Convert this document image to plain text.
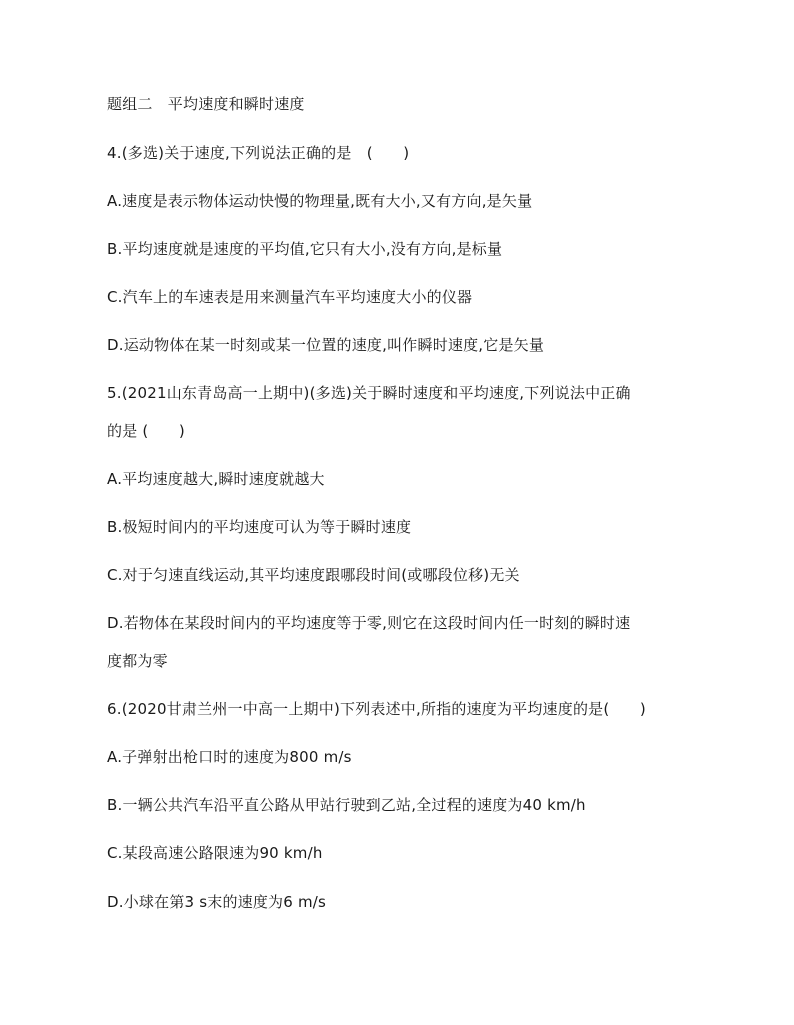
题组二　平均速度和瞬时速度
4.(多选)关于速度,下列说法正确的是　(　　)
A.速度是表示物体运动快慢的物理量,既有大小,又有方向,是矢量
B.平均速度就是速度的平均值,它只有大小,没有方向,是标量
C.汽车上的车速表是用来测量汽车平均速度大小的仪器
D.运动物体在某一时刻或某一位置的速度,叫作瞬时速度,它是矢量
5.(2021山东青岛高一上期中)(多选)关于瞬时速度和平均速度,下列说法中正确
的是 (　　)
A.平均速度越大,瞬时速度就越大
B.极短时间内的平均速度可认为等于瞬时速度
C.对于匀速直线运动,其平均速度跟哪段时间(或哪段位移)无关
D.若物体在某段时间内的平均速度等于零,则它在这段时间内任一时刻的瞬时速
度都为零
6.(2020甘肃兰州一中高一上期中)下列表述中,所指的速度为平均速度的是(　　)
A.子弹射出枪口时的速度为800 m/s
B.一辆公共汽车沿平直公路从甲站行驶到乙站,全过程的速度为40 km/h
C.某段高速公路限速为90 km/h
D.小球在第3 s末的速度为6 m/s
